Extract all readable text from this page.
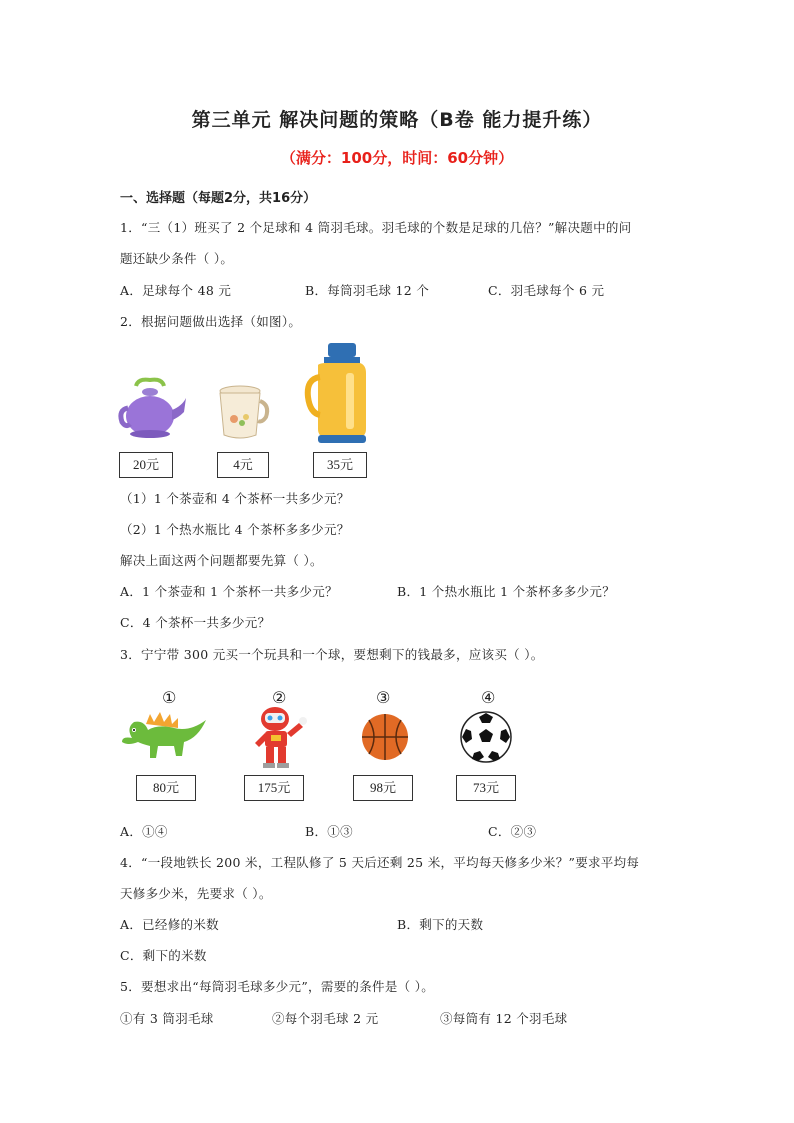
第三单元 解决问题的策略（B卷 能力提升练）
（满分：100分，时间：60分钟）
一、选择题（每题2分，共16分）
1．“三（1）班买了 2 个足球和 4 筒羽毛球。羽毛球的个数是足球的几倍？”解决题中的问
题还缺少条件（ ）。
A．足球每个 48 元	B．每筒羽毛球 12 个	C．羽毛球每个 6 元
2．根据问题做出选择（如图）。
20元	4元	35元
（1）1 个茶壶和 4 个茶杯一共多少元？
（2）1 个热水瓶比 4 个茶杯多多少元？
解决上面这两个问题都要先算（ ）。
A．1 个茶壶和 1 个茶杯一共多少元？	B．1 个热水瓶比 1 个茶杯多多少元？
C．4 个茶杯一共多少元？
3．宁宁带 300 元买一个玩具和一个球，要想剩下的钱最多，应该买（ ）。
①	②	③	④
80元	175元	98元	73元
A．①④	B．①③	C．②③
4．“一段地铁长 200 米，工程队修了 5 天后还剩 25 米，平均每天修多少米？”要求平均每
天修多少米，先要求（ ）。
A．已经修的米数	B．剩下的天数
C．剩下的米数
5．要想求出“每筒羽毛球多少元”，需要的条件是（ ）。
①有 3 筒羽毛球	②每个羽毛球 2 元	③每筒有 12 个羽毛球
